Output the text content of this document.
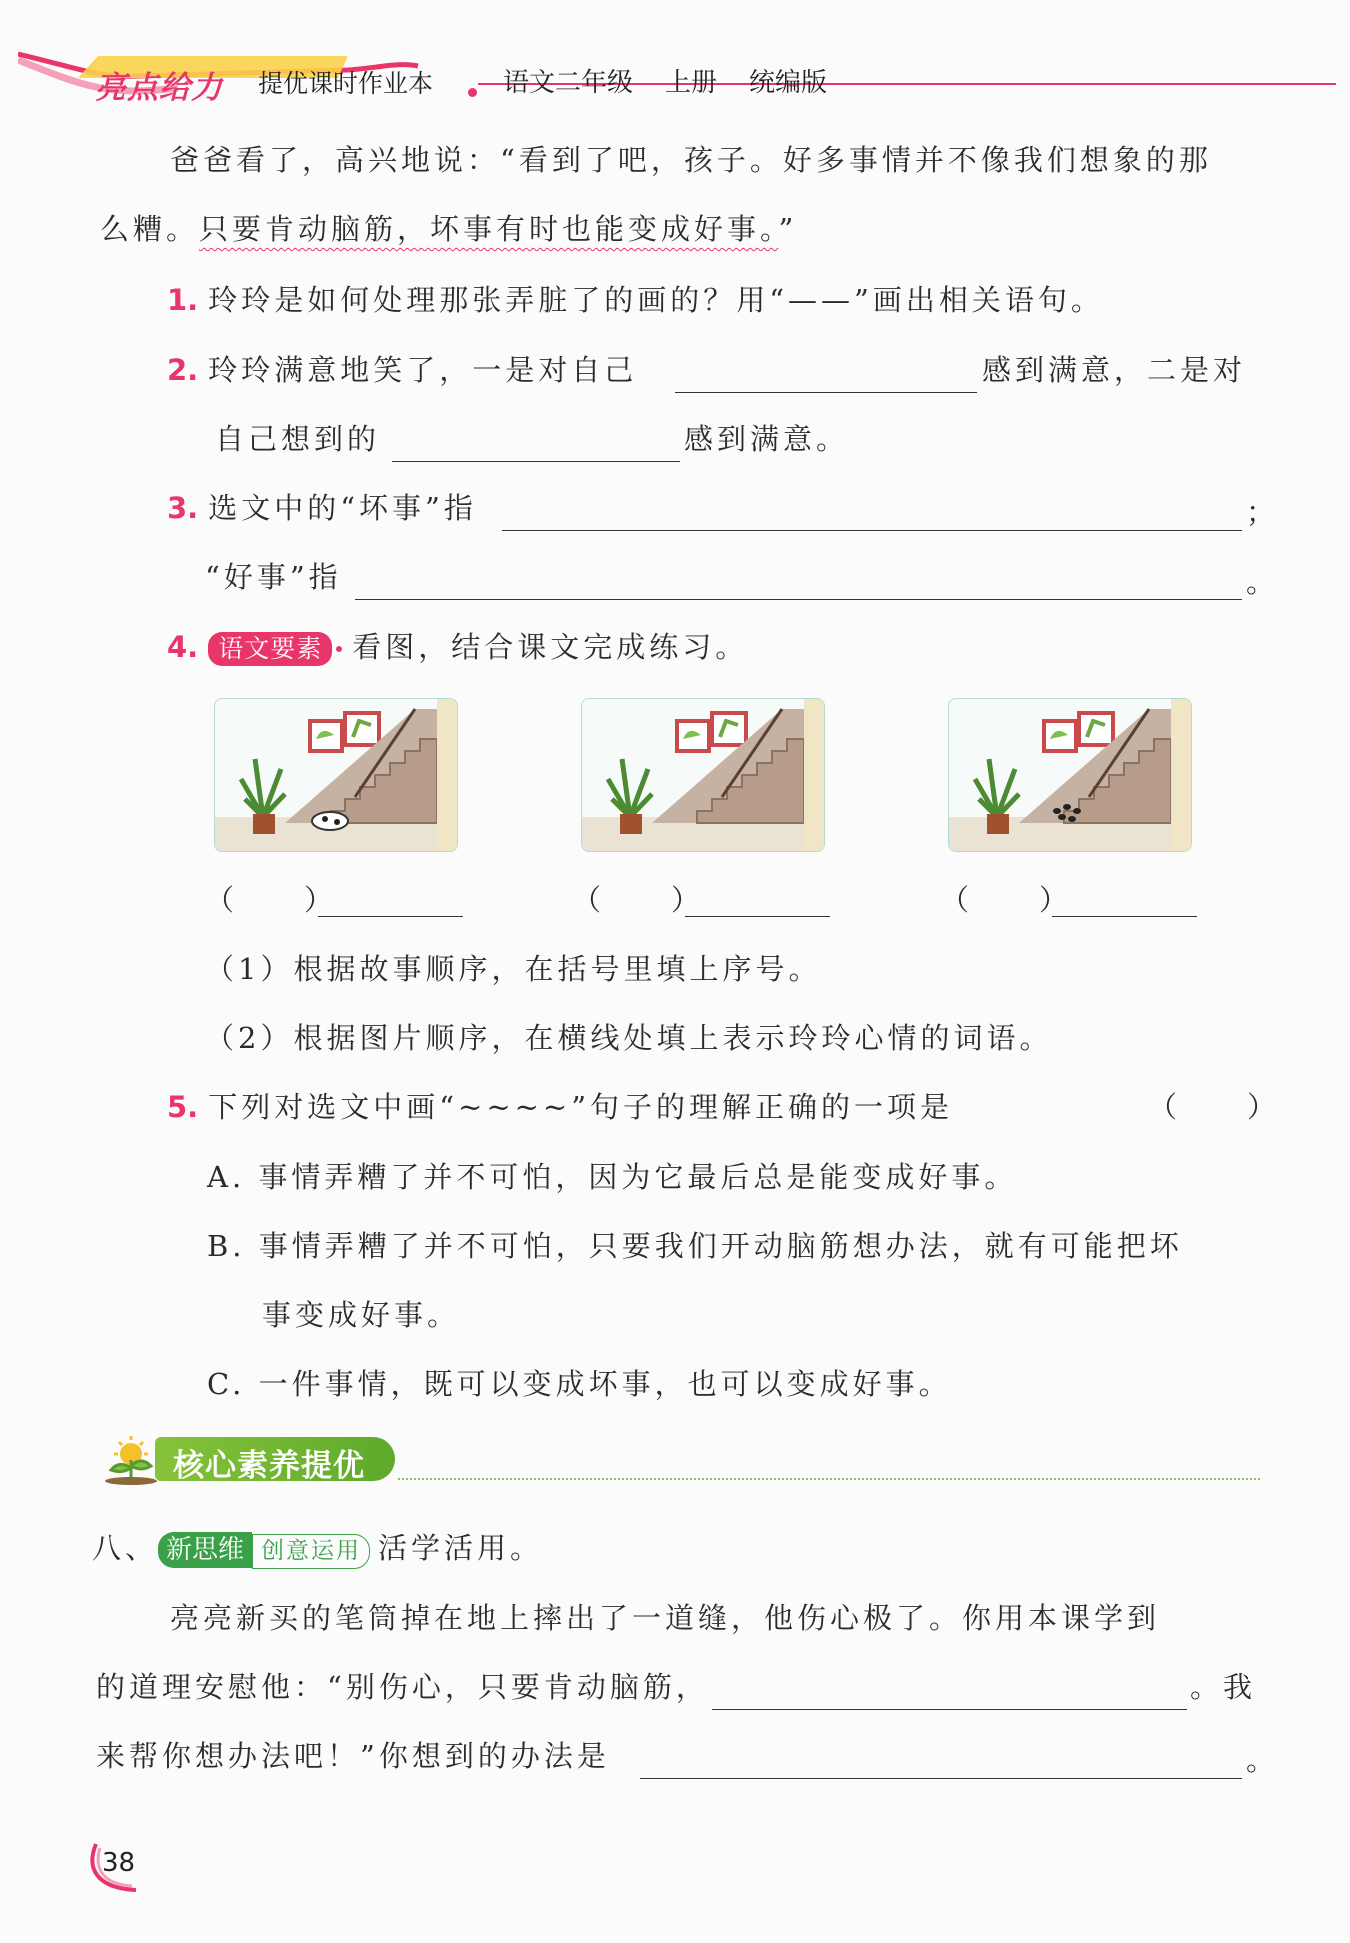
亮点给力 提优课时作业本	语文二年级 上册 统编版
爸爸看了，高兴地说：“看到了吧，孩子。好多事情并不像我们想象的那
么糟。只要肯动脑筋，坏事有时也能变成好事。”
1. 玲玲是如何处理那张弄脏了的画的？用“——”画出相关语句。
2. 玲玲满意地笑了，一是对自己	感到满意，二是对
自己想到的	感到满意。
3. 选文中的“坏事”指	；
“好事”指	。
4. 语文要素 看图，结合课文完成练习。
（　　）	（　　）	（　　）
（1）根据故事顺序，在括号里填上序号。
（2）根据图片顺序，在横线处填上表示玲玲心情的词语。
5. 下列对选文中画“~~~~”句子的理解正确的一项是	（　　）
A. 事情弄糟了并不可怕，因为它最后总是能变成好事。
B. 事情弄糟了并不可怕，只要我们开动脑筋想办法，就有可能把坏
事变成好事。
C. 一件事情，既可以变成坏事，也可以变成好事。
核心素养提优
八、 新思维 创意运用 活学活用。
亮亮新买的笔筒掉在地上摔出了一道缝，他伤心极了。你用本课学到
的道理安慰他：“别伤心，只要肯动脑筋，	。我
来帮你想办法吧！”你想到的办法是	。
38
